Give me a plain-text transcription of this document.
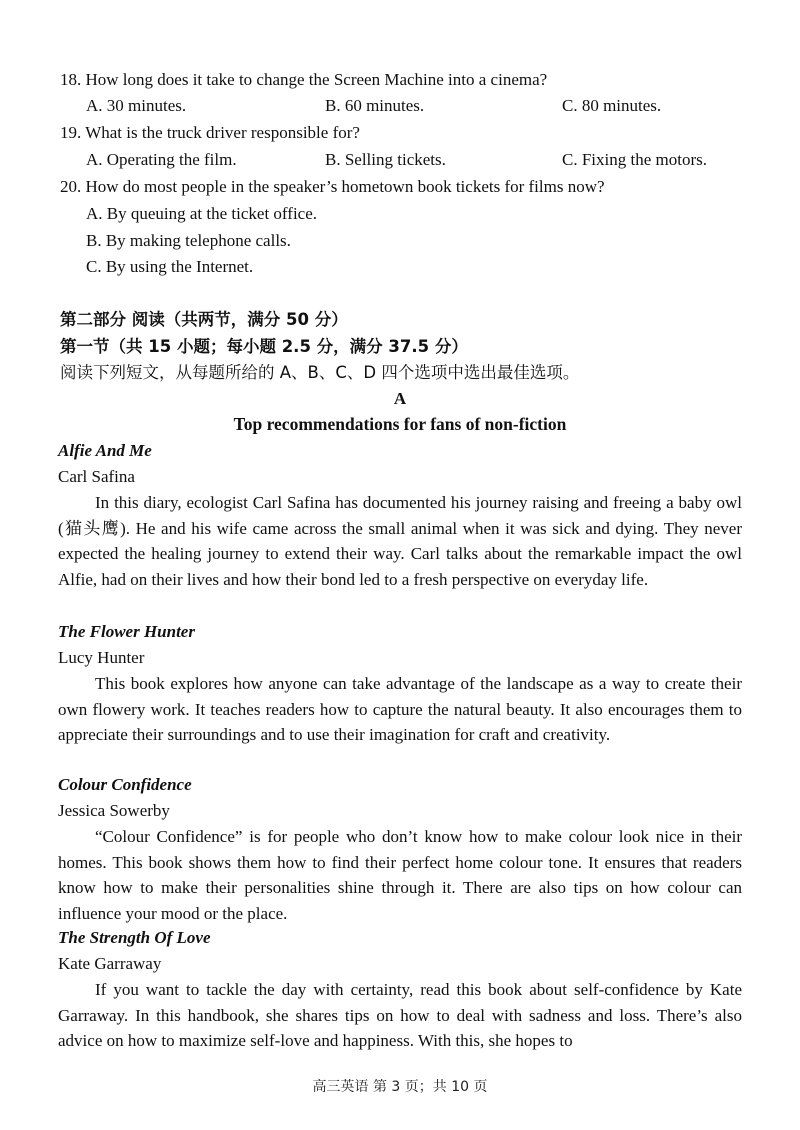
18. How long does it take to change the Screen Machine into a cinema?
A. 30 minutes.	B. 60 minutes.	C. 80 minutes.
19. What is the truck driver responsible for?
A. Operating the film.	B. Selling tickets.	C. Fixing the motors.
20. How do most people in the speaker’s hometown book tickets for films now?
A. By queuing at the ticket office.
B. By making telephone calls.
C. By using the Internet.
第二部分 阅读（共两节，满分 50 分）
第一节（共 15 小题；每小题 2.5 分，满分 37.5 分）
阅读下列短文，从每题所给的 A、B、C、D 四个选项中选出最佳选项。
A
Top recommendations for fans of non-fiction
Alfie And Me
Carl Safina

In this diary, ecologist Carl Safina has documented his journey raising and freeing a baby owl (猫头鹰). He and his wife came across the small animal when it was sick and dying. They never expected the healing journey to extend their way. Carl talks about the remarkable impact the owl Alfie, had on their lives and how their bond led to a fresh perspective on everyday life.

The Flower Hunter
Lucy Hunter

This book explores how anyone can take advantage of the landscape as a way to create their own flowery work. It teaches readers how to capture the natural beauty. It also encourages them to appreciate their surroundings and to use their imagination for craft and creativity.

Colour Confidence
Jessica Sowerby

“Colour Confidence” is for people who don’t know how to make colour look nice in their homes. This book shows them how to find their perfect home colour tone. It ensures that readers know how to make their personalities shine through it. There are also tips on how colour can influence your mood or the place.

The Strength Of Love
Kate Garraway

If you want to tackle the day with certainty, read this book about self-confidence by Kate Garraway. In this handbook, she shares tips on how to deal with sadness and loss. There’s also advice on how to maximize self-love and happiness. With this, she hopes to

高三英语 第 3 页；共 10 页
